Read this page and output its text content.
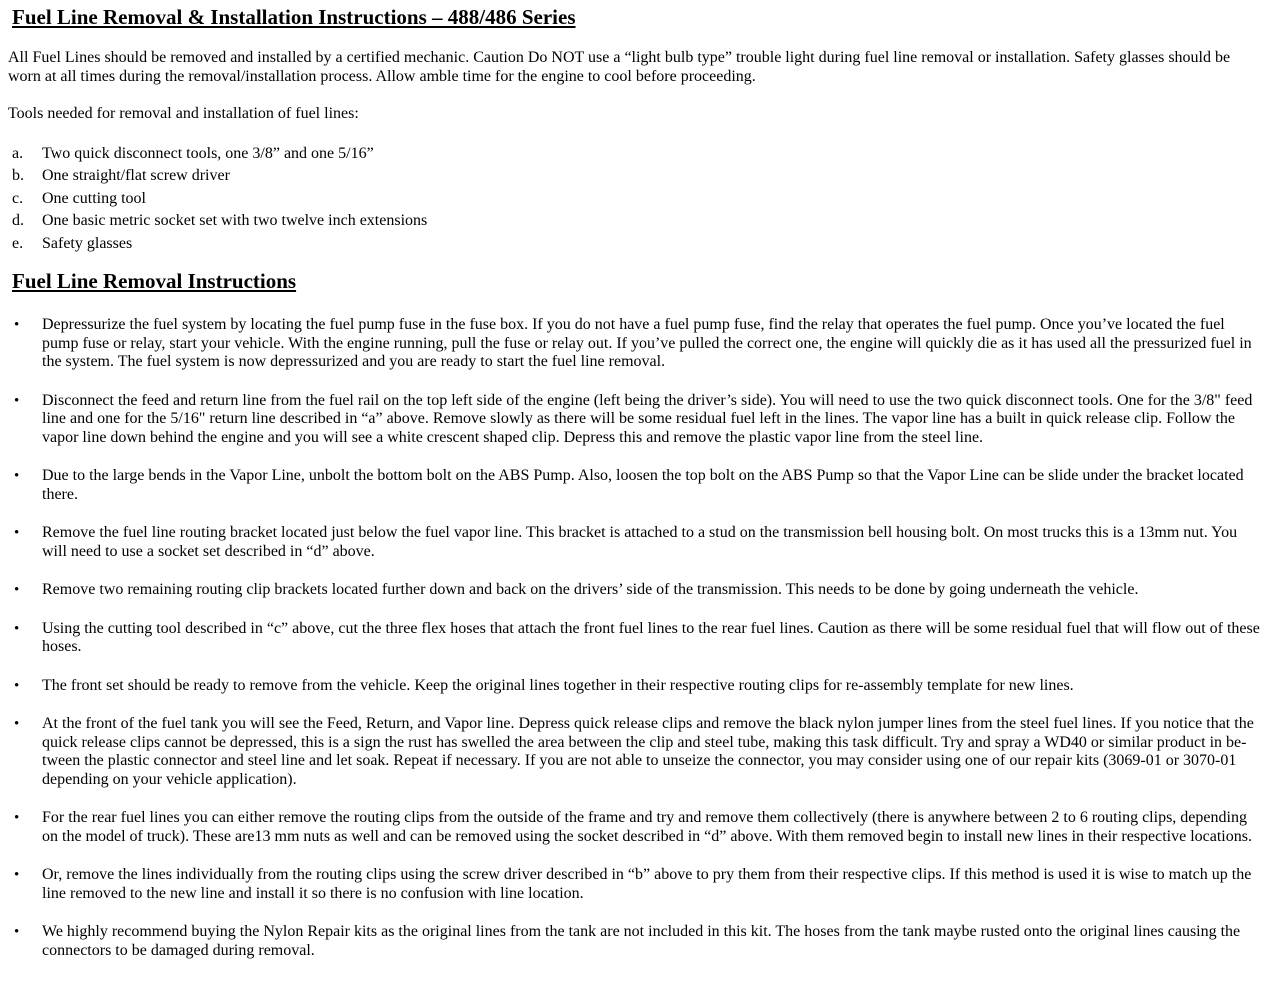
Fuel Line Removal & Installation Instructions – 488/486 Series

All Fuel Lines should be removed and installed by a certified mechanic. Caution Do NOT use a “light bulb type” trouble light during fuel line removal or installation. Safety glasses should be worn at all times during the removal/installation process. Allow amble time for the engine to cool before proceeding.

Tools needed for removal and installation of fuel lines:

a.	Two quick disconnect tools, one 3/8” and one 5/16”
b.	One straight/flat screw driver
c.	One cutting tool
d.	One basic metric socket set with two twelve inch extensions
e.	Safety glasses
Fuel Line Removal Instructions
•	Depressurize the fuel system by locating the fuel pump fuse in the fuse box. If you do not have a fuel pump fuse, find the relay that operates the fuel pump. Once you’ve located the fuel pump fuse or relay, start your vehicle. With the engine running, pull the fuse or relay out. If you’ve pulled the correct one, the engine will quickly die as it has used all the pressurized fuel in the system. The fuel system is now depressurized and you are ready to start the fuel line removal.

•	Disconnect the feed and return line from the fuel rail on the top left side of the engine (left being the driver’s side). You will need to use the two quick disconnect tools. One for the 3/8" feed line and one for the 5/16" return line described in “a” above. Remove slowly as there will be some residual fuel left in the lines. The vapor line has a built in quick release clip. Follow the vapor line down behind the engine and you will see a white crescent shaped clip. Depress this and remove the plastic vapor line from the steel line.

•	Due to the large bends in the Vapor Line, unbolt the bottom bolt on the ABS Pump. Also, loosen the top bolt on the ABS Pump so that the Vapor Line can be slide under the bracket located there.

•	Remove the fuel line routing bracket located just below the fuel vapor line. This bracket is attached to a stud on the transmission bell housing bolt. On most trucks this is a 13mm nut. You will need to use a socket set described in “d” above.

•	Remove two remaining routing clip brackets located further down and back on the drivers’ side of the transmission. This needs to be done by going underneath the vehicle.

•	Using the cutting tool described in “c” above, cut the three flex hoses that attach the front fuel lines to the rear fuel lines. Caution as there will be some residual fuel that will flow out of these hoses.

•	The front set should be ready to remove from the vehicle. Keep the original lines together in their respective routing clips for re-assembly template for new lines.

•	At the front of the fuel tank you will see the Feed, Return, and Vapor line. Depress quick release clips and remove the black nylon jumper lines from the steel fuel lines. If you notice that the quick release clips cannot be depressed, this is a sign the rust has swelled the area between the clip and steel tube, making this task difficult. Try and spray a WD40 or similar product in be-tween the plastic connector and steel line and let soak. Repeat if necessary. If you are not able to unseize the connector, you may consider using one of our repair kits (3069-01 or 3070-01 depending on your vehicle application).

•	For the rear fuel lines you can either remove the routing clips from the outside of the frame and try and remove them collectively (there is anywhere between 2 to 6 routing clips, depending on the model of truck). These are13 mm nuts as well and can be removed using the socket described in “d” above. With them removed begin to install new lines in their respective locations.

•	Or, remove the lines individually from the routing clips using the screw driver described in “b” above to pry them from their respective clips. If this method is used it is wise to match up the line removed to the new line and install it so there is no confusion with line location.

•	We highly recommend buying the Nylon Repair kits as the original lines from the tank are not included in this kit. The hoses from the tank maybe rusted onto the original lines causing the connectors to be damaged during removal.
